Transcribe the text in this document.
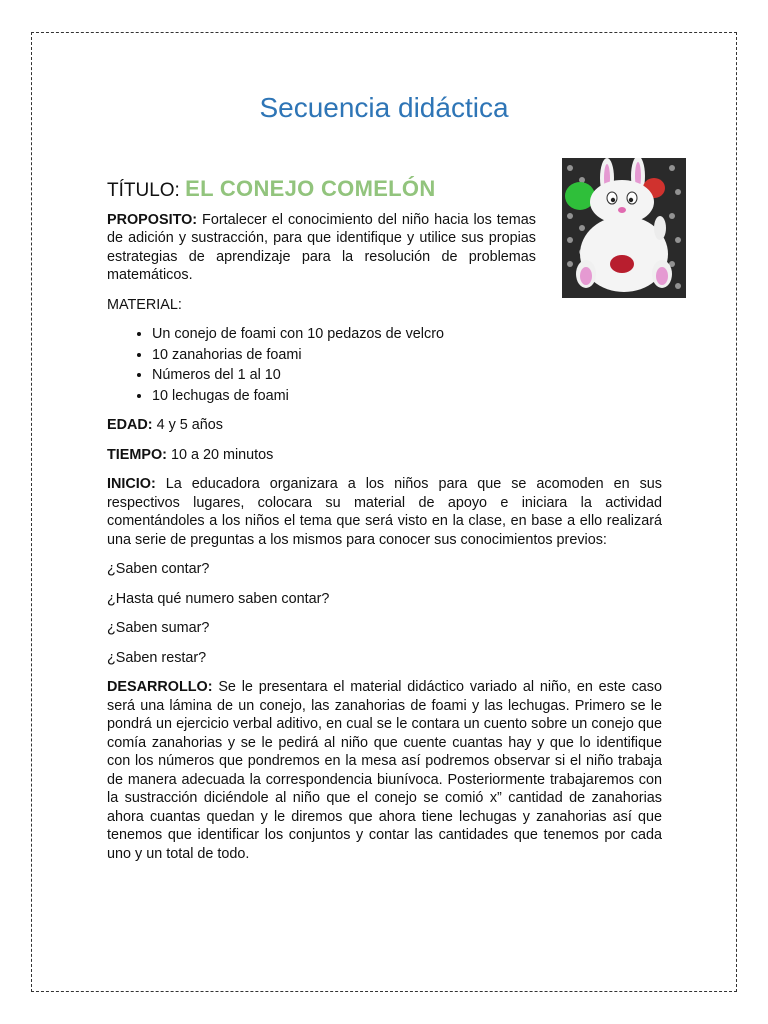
Secuencia didáctica
TÍTULO: EL CONEJO COMELÓN

PROPOSITO: Fortalecer el conocimiento del niño hacia los temas de adición y sustracción, para que identifique y utilice sus propias estrategias de aprendizaje para la resolución de problemas matemáticos.

MATERIAL:

• Un conejo de foami con 10 pedazos de velcro
• 10 zanahorias de foami
• Números del 1 al 10
• 10 lechugas de foami

EDAD: 4 y 5 años

TIEMPO: 10 a 20 minutos

INICIO: La educadora organizara a los niños para que se acomoden en sus respectivos lugares, colocara su material de apoyo e iniciara la actividad comentándoles a los niños el tema que será visto en la clase, en base a ello realizará una serie de preguntas a los mismos para conocer sus conocimientos previos:

¿Saben contar?

¿Hasta qué numero saben contar?

¿Saben sumar?

¿Saben restar?

DESARROLLO: Se le presentara el material didáctico variado al niño, en este caso será una lámina de un conejo, las zanahorias de foami y las lechugas. Primero se le pondrá un ejercicio verbal aditivo, en cual se le contara un cuento sobre un conejo que comía zanahorias y se le pedirá al niño que cuente cuantas hay y que lo identifique con los números que pondremos en la mesa así podremos observar si el niño trabaja de manera adecuada la correspondencia biunívoca. Posteriormente trabajaremos con la sustracción diciéndole al niño que el conejo se comió x” cantidad de zanahorias ahora cuantas quedan y le diremos que ahora tiene lechugas y zanahorias así que tenemos que identificar los conjuntos y contar las cantidades que tenemos por cada uno y un total de todo.
